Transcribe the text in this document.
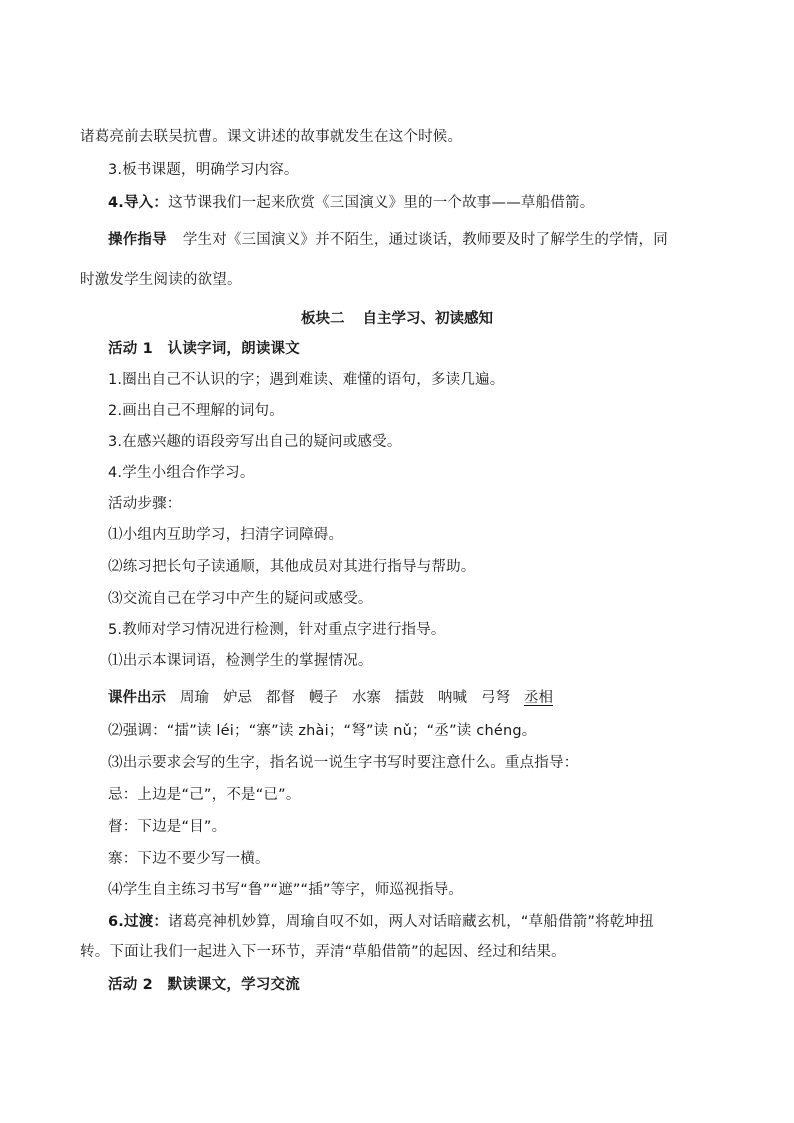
诸葛亮前去联吴抗曹。课文讲述的故事就发生在这个时候。
3.板书课题，明确学习内容。
4.导入：这节课我们一起来欣赏《三国演义》里的一个故事——草船借箭。
操作指导 学生对《三国演义》并不陌生，通过谈话，教师要及时了解学生的学情，同
时激发学生阅读的欲望。
板块二 自主学习、初读感知
活动 1　认读字词，朗读课文
1.圈出自己不认识的字；遇到难读、难懂的语句，多读几遍。
2.画出自己不理解的词句。
3.在感兴趣的语段旁写出自己的疑问或感受。
4.学生小组合作学习。
活动步骤：
⑴小组内互助学习，扫清字词障碍。
⑵练习把长句子读通顺，其他成员对其进行指导与帮助。
⑶交流自己在学习中产生的疑问或感受。
5.教师对学习情况进行检测，针对重点字进行指导。
⑴出示本课词语，检测学生的掌握情况。
课件出示 周瑜 妒忌 都督 幔子 水寨 擂鼓 呐喊 弓弩 丞相
⑵强调：“擂”读 léi；“寨”读 zhài；“弩”读 nǔ；“丞”读 chéng。
⑶出示要求会写的生字，指名说一说生字书写时要注意什么。重点指导：
忌：上边是“己”，不是“已”。
督：下边是“目”。
寨：下边不要少写一横。
⑷学生自主练习书写“鲁”“遮”“插”等字，师巡视指导。
6.过渡：诸葛亮神机妙算，周瑜自叹不如，两人对话暗藏玄机，“草船借箭”将乾坤扭
转。下面让我们一起进入下一环节，弄清“草船借箭”的起因、经过和结果。
活动 2　默读课文，学习交流
